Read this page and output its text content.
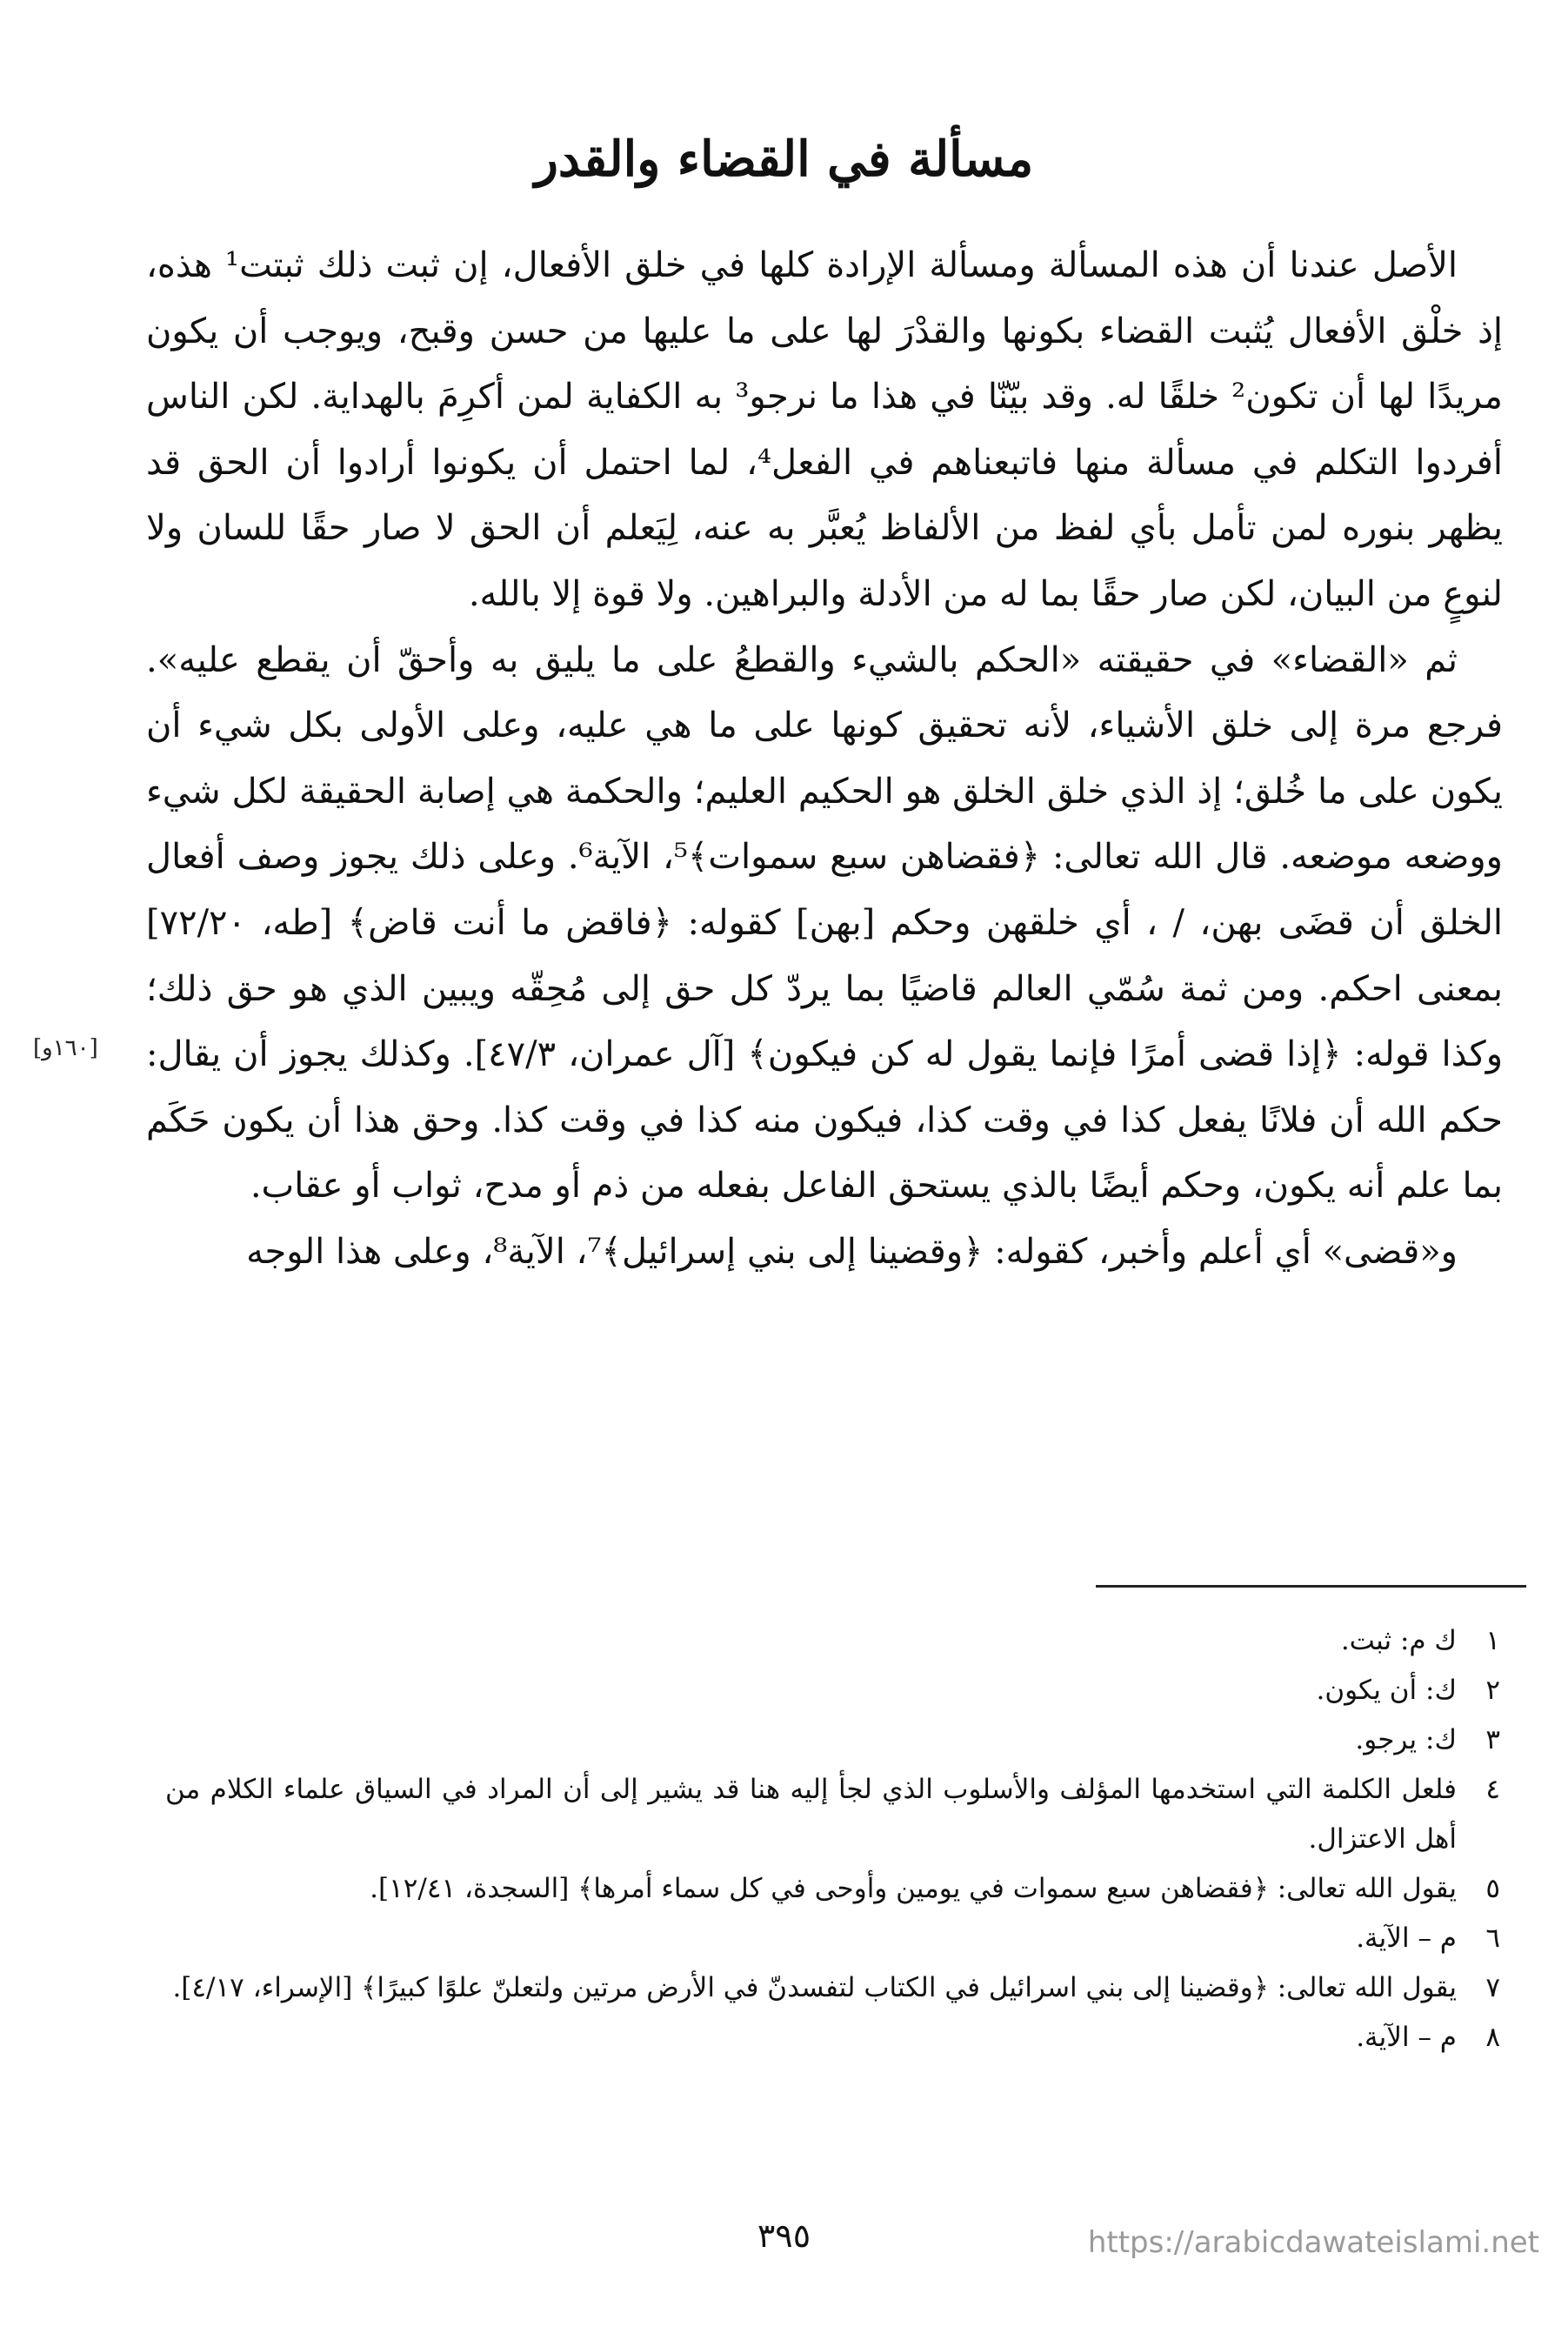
مسألة في القضاء والقدر

الأصل عندنا أن هذه المسألة ومسألة الإرادة كلها في خلق الأفعال، إن ثبت ذلك ثبتت¹ هذه، إذ خلْق الأفعال يُثبت القضاء بكونها والقدْرَ لها على ما عليها من حسن وقبح، ويوجب أن يكون مريدًا لها أن تكون² خلقًا له. وقد بيّنّا في هذا ما نرجو³ به الكفاية لمن أكرِمَ بالهداية. لكن الناس أفردوا التكلم في مسألة منها فاتبعناهم في الفعل⁴، لما احتمل أن يكونوا أرادوا أن الحق قد يظهر بنوره لمن تأمل بأي لفظ من الألفاظ يُعبَّر به عنه، لِيَعلم أن الحق لا صار حقًا للسان ولا لنوعٍ من البيان، لكن صار حقًا بما له من الأدلة والبراهين. ولا قوة إلا بالله.

ثم «القضاء» في حقيقته «الحكم بالشيء والقطعُ على ما يليق به وأحقّ أن يقطع عليه». فرجع مرة إلى خلق الأشياء، لأنه تحقيق كونها على ما هي عليه، وعلى الأولى بكل شيء أن يكون على ما خُلق؛ إذ الذي خلق الخلق هو الحكيم العليم؛ والحكمة هي إصابة الحقيقة لكل شيء ووضعه موضعه. قال الله تعالى: ﴿فقضاهن سبع سموات﴾⁵، الآية⁶. وعلى ذلك يجوز وصف أفعال الخلق أن قضَى بهن، / ، أي خلقهن وحكم [بهن] كقوله: ﴿فاقض ما أنت قاض﴾ [طه، ٧٢/٢٠] بمعنى احكم. ومن ثمة سُمّي العالم قاضيًا بما يردّ كل حق إلى مُحِقّه ويبين الذي هو حق ذلك؛ وكذا قوله: ﴿إذا قضى أمرًا فإنما يقول له كن فيكون﴾ [آل عمران، ٤٧/٣]. وكذلك يجوز أن يقال: حكم الله أن فلانًا يفعل كذا في وقت كذا، فيكون منه كذا في وقت كذا. وحق هذا أن يكون حَكَم بما علم أنه يكون، وحكم أيضًا بالذي يستحق الفاعل بفعله من ذم أو مدح، ثواب أو عقاب.

و«قضى» أي أعلم وأخبر، كقوله: ﴿وقضينا إلى بني إسرائيل﴾⁷، الآية⁸، وعلى هذا الوجه

[١٦٠و]
١
ك م: ثبت.
٢
ك: أن يكون.
٣
ك: يرجو.
٤
فلعل الكلمة التي استخدمها المؤلف والأسلوب الذي لجأ إليه هنا قد يشير إلى أن المراد في السياق علماء الكلام من أهل الاعتزال.
٥
يقول الله تعالى: ﴿فقضاهن سبع سموات في يومين وأوحى في كل سماء أمرها﴾ [السجدة، ١٢/٤١].
٦
م – الآية.
٧
يقول الله تعالى: ﴿وقضينا إلى بني اسرائيل في الكتاب لتفسدنّ في الأرض مرتين ولتعلنّ علوًا كبيرًا﴾ [الإسراء، ٤/١٧].
٨
م – الآية.
٣٩٥	https://arabicdawateislami.net
